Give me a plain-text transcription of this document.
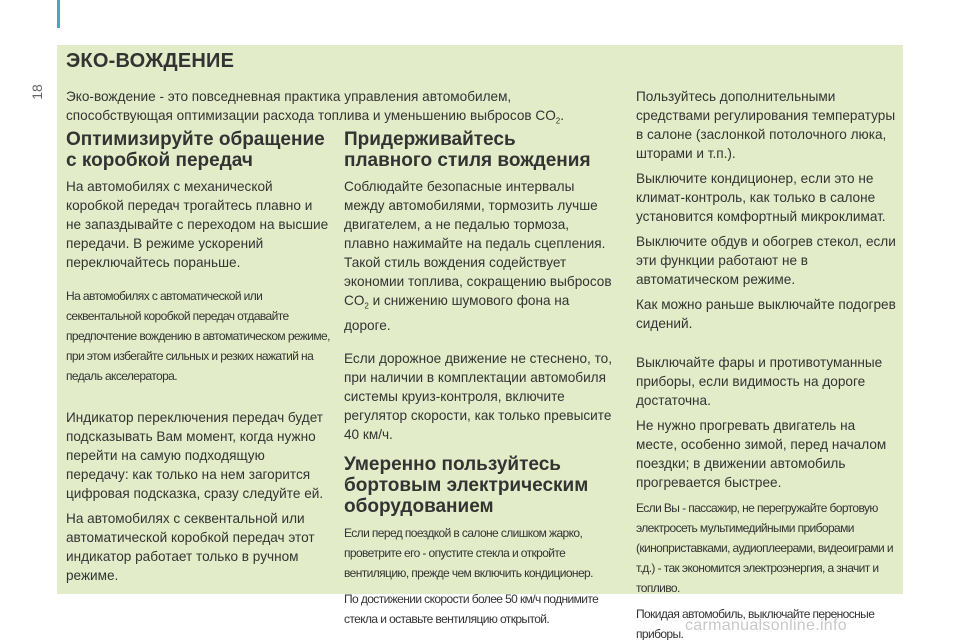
18
ЭКО-ВОЖДЕНИЕ
Эко-вождение - это повседневная практика управления автомобилем,
способствующая оптимизации расхода топлива и уменьшению выбросов $CO_2$.
Оптимизируйте обращение
с коробкой передач

На автомобилях с механической коробкой передач трогайтесь плавно и не запаздывайте с переходом на высшие передачи. В режиме ускорений переключайтесь пораньше.

На автомобилях с автоматической или секвентальной коробкой передач отдавайте предпочтение вождению в автоматическом режиме, при этом избегайте сильных и резких нажатий на педаль акселератора.

Индикатор переключения передач будет подсказывать Вам момент, когда нужно перейти на самую подходящую передачу: как только на нем загорится цифровая подсказка, сразу следуйте ей.

На автомобилях с секвентальной или автоматической коробкой передач этот индикатор работает только в ручном режиме.

Придерживайтесь
плавного стиля вождения

Соблюдайте безопасные интервалы между автомобилями, тормозить лучше двигателем, а не педалью тормоза, плавно нажимайте на педаль сцепления. Такой стиль вождения содействует экономии топлива, сокращению выбросов $CO_2$ и снижению шумового фона на дороге.

Если дорожное движение не стеснено, то, при наличии в комплектации автомобиля системы круиз-контроля, включите регулятор скорости, как только превысите 40 км/ч.

Умеренно пользуйтесь
бортовым электрическим
оборудованием

Если перед поездкой в салоне слишком жарко, проветрите его - опустите стекла и откройте вентиляцию, прежде чем включить кондиционер.

По достижении скорости более 50 км/ч поднимите стекла и оставьте вентиляцию открытой.

Пользуйтесь дополнительными средствами регулирования температуры в салоне (заслонкой потолочного люка, шторами и т.п.).

Выключите кондиционер, если это не климат-контроль, как только в салоне установится комфортный микроклимат.

Выключите обдув и обогрев стекол, если эти функции работают не в автоматическом режиме.

Как можно раньше выключайте подогрев сидений.

Выключайте фары и противотуманные приборы, если видимость на дороге достаточна.

Не нужно прогревать двигатель на месте, особенно зимой, перед началом поездки; в движении автомобиль прогревается быстрее.

Если Вы - пассажир, не перегружайте бортовую электросеть мультимедийными приборами (киноприставками, аудиоплеерами, видеоиграми и т.д.) - так экономится электроэнергия, а значит и топливо.

Покидая автомобиль, выключайте переносные приборы. carmanualsonline.info
